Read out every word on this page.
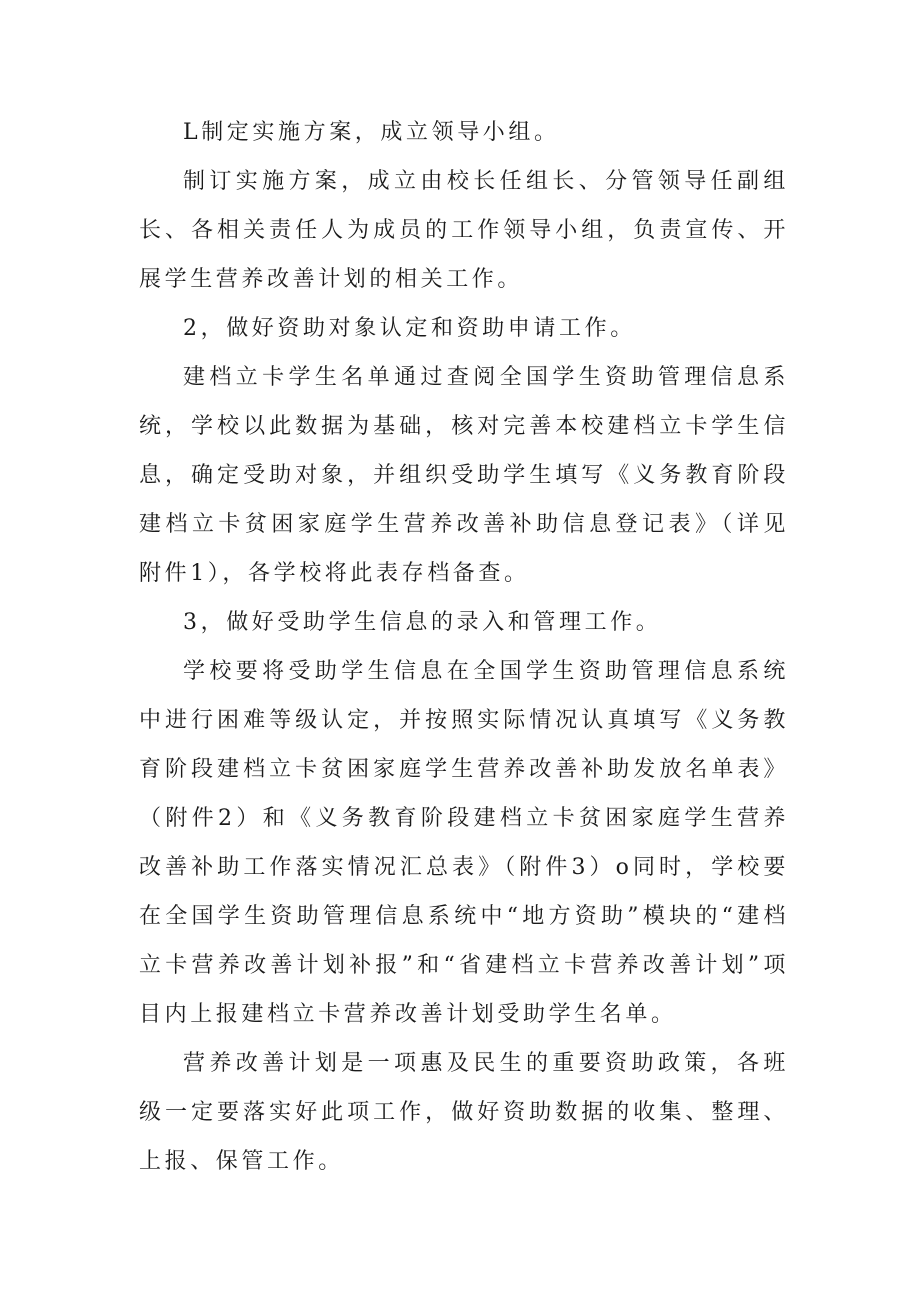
L制定实施方案，成立领导小组。

制订实施方案，成立由校长任组长、分管领导任副组长、各相关责任人为成员的工作领导小组，负责宣传、开展学生营养改善计划的相关工作。

2，做好资助对象认定和资助申请工作。

建档立卡学生名单通过查阅全国学生资助管理信息系统，学校以此数据为基础，核对完善本校建档立卡学生信息，确定受助对象，并组织受助学生填写《义务教育阶段建档立卡贫困家庭学生营养改善补助信息登记表》（详见附件1），各学校将此表存档备查。

3，做好受助学生信息的录入和管理工作。

学校要将受助学生信息在全国学生资助管理信息系统中进行困难等级认定，并按照实际情况认真填写《义务教育阶段建档立卡贫困家庭学生营养改善补助发放名单表》（附件2）和《义务教育阶段建档立卡贫困家庭学生营养改善补助工作落实情况汇总表》（附件3）o同时，学校要在全国学生资助管理信息系统中“地方资助”模块的“建档立卡营养改善计划补报”和“省建档立卡营养改善计划”项目内上报建档立卡营养改善计划受助学生名单。

营养改善计划是一项惠及民生的重要资助政策，各班级一定要落实好此项工作，做好资助数据的收集、整理、上报、保管工作。
